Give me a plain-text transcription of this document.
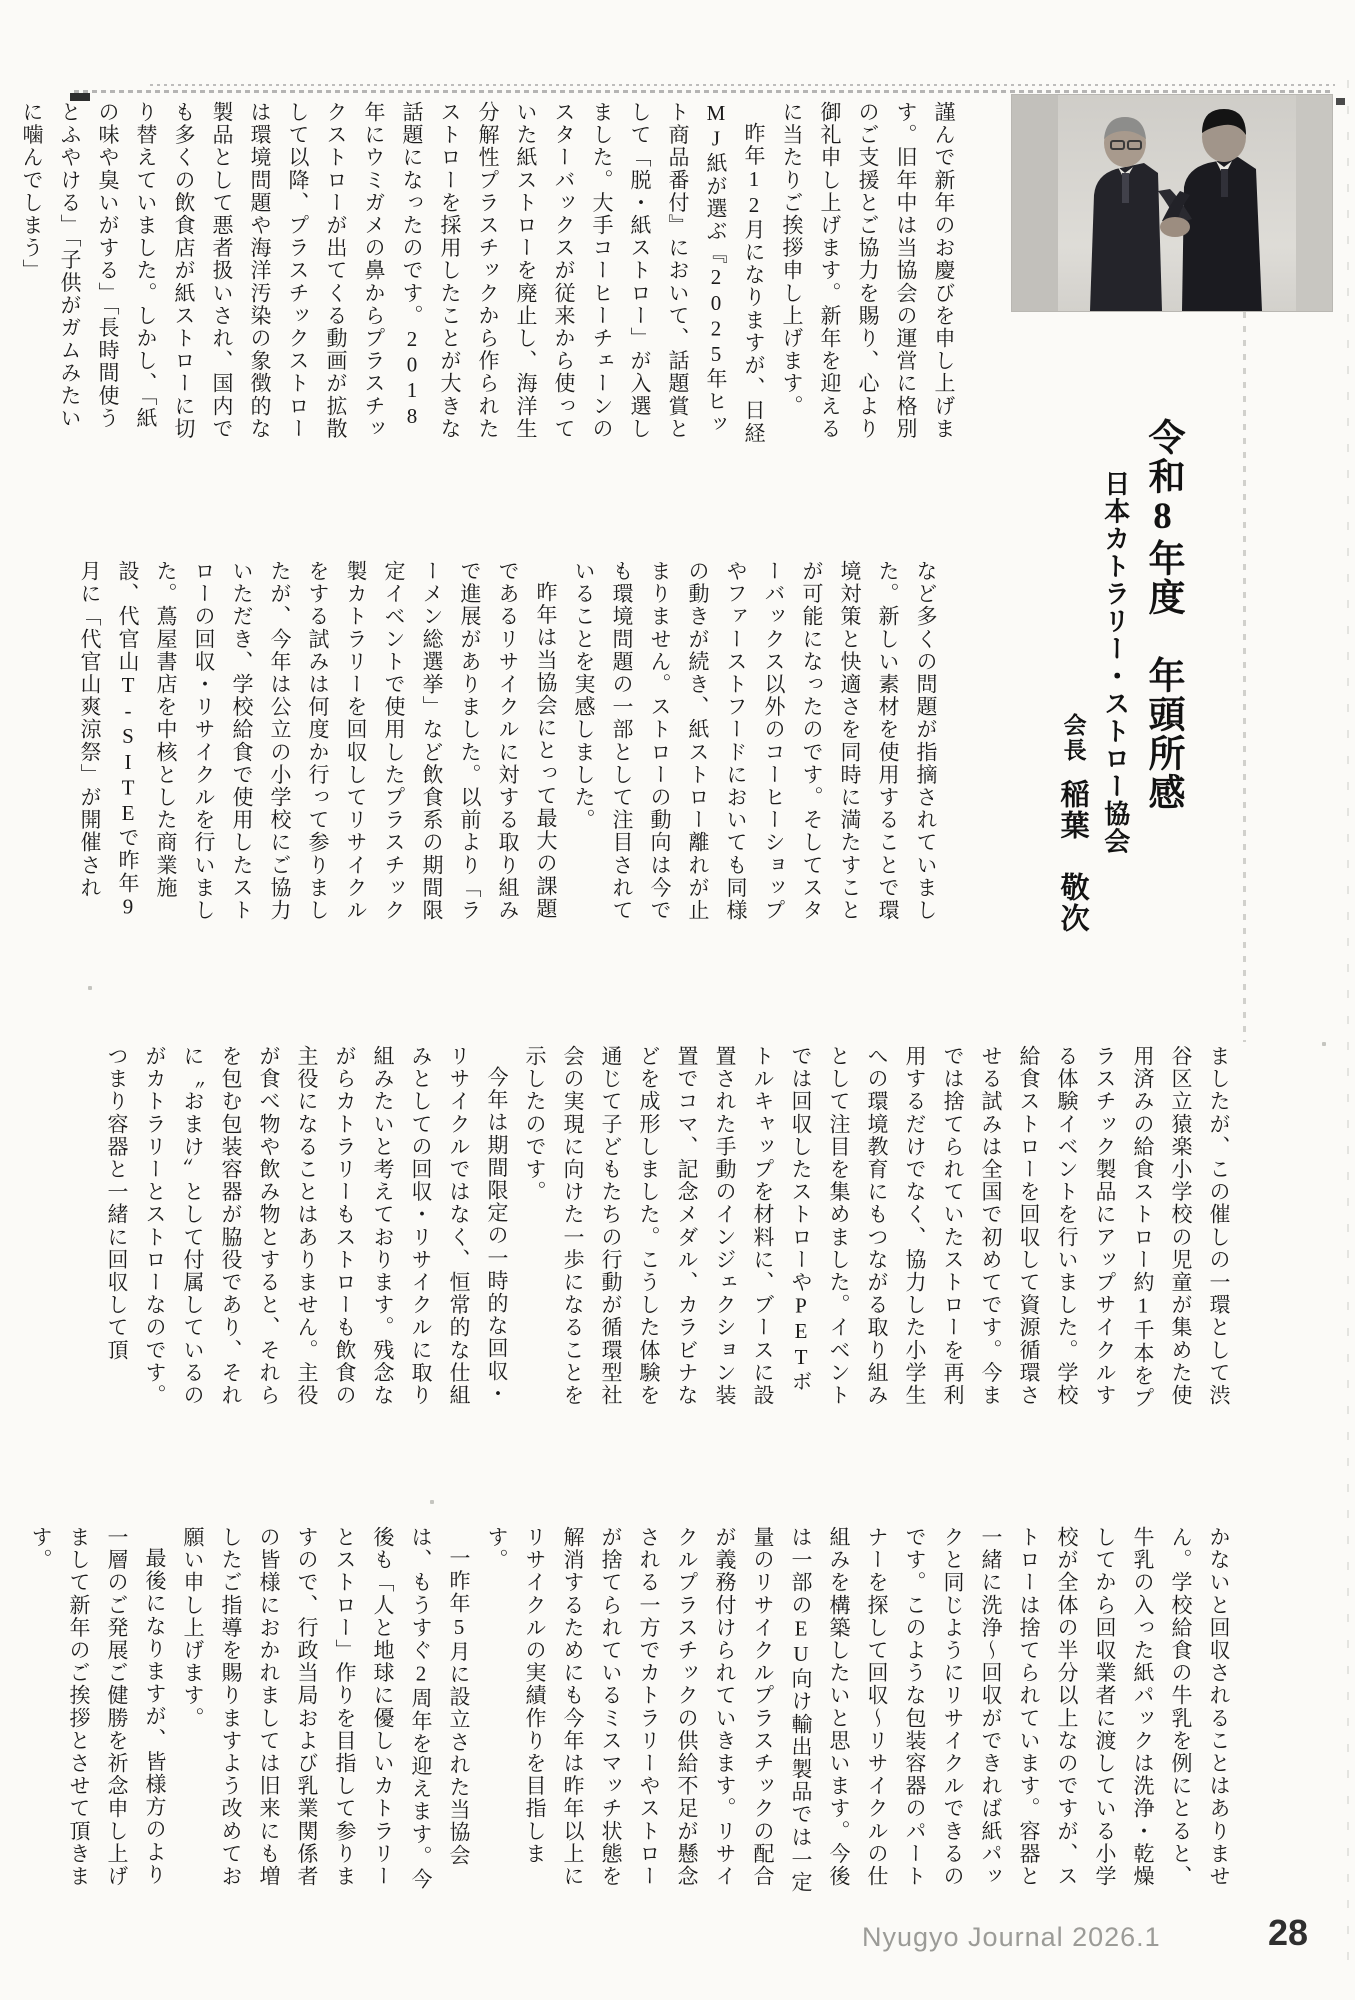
令和8年度　年頭所感
日本カトラリー・ストロー協会
会長　稲葉　敬次

謹んで新年のお慶びを申し上げます。旧年中は当協会の運営に格別のご支援とご協力を賜り、心より御礼申し上げます。新年を迎えるに当たりご挨拶申し上げます。

昨年12月になりますが、日経MJ紙が選ぶ『2025年ヒット商品番付』において、話題賞として「脱・紙ストロー」が入選しました。大手コーヒーチェーンのスターバックスが従来から使っていた紙ストローを廃止し、海洋生分解性プラスチックから作られたストローを採用したことが大きな話題になったのです。2018年にウミガメの鼻からプラスチックストローが出てくる動画が拡散して以降、プラスチックストローは環境問題や海洋汚染の象徴的な製品として悪者扱いされ、国内でも多くの飲食店が紙ストローに切り替えていました。しかし、「紙の味や臭いがする」「長時間使うとふやける」「子供がガムみたいに噛んでしまう」

など多くの問題が指摘されていました。新しい素材を使用することで環境対策と快適さを同時に満たすことが可能になったのです。そしてスターバックス以外のコーヒーショップやファーストフードにおいても同様の動きが続き、紙ストロー離れが止まりません。ストローの動向は今でも環境問題の一部として注目されていることを実感しました。

昨年は当協会にとって最大の課題であるリサイクルに対する取り組みで進展がありました。以前より「ラーメン総選挙」など飲食系の期間限定イベントで使用したプラスチック製カトラリーを回収してリサイクルをする試みは何度か行って参りましたが、今年は公立の小学校にご協力いただき、学校給食で使用したストローの回収・リサイクルを行いました。蔦屋書店を中核とした商業施設、代官山T-SITEで昨年9月に「代官山爽涼祭」が開催され

ましたが、この催しの一環として渋谷区立猿楽小学校の児童が集めた使用済みの給食ストロー約1千本をプラスチック製品にアップサイクルする体験イベントを行いました。学校給食ストローを回収して資源循環させる試みは全国で初めてです。今までは捨てられていたストローを再利用するだけでなく、協力した小学生への環境教育にもつながる取り組みとして注目を集めました。イベントでは回収したストローやPETボトルキャップを材料に、ブースに設置された手動のインジェクション装置でコマ、記念メダル、カラビナなどを成形しました。こうした体験を通じて子どもたちの行動が循環型社会の実現に向けた一歩になることを示したのです。

今年は期間限定の一時的な回収・リサイクルではなく、恒常的な仕組みとしての回収・リサイクルに取り組みたいと考えております。残念ながらカトラリーもストローも飲食の主役になることはありません。主役が食べ物や飲み物とすると、それらを包む包装容器が脇役であり、それに〝おまけ〟として付属しているのがカトラリーとストローなのです。つまり容器と一緒に回収して頂

かないと回収されることはありません。学校給食の牛乳を例にとると、牛乳の入った紙パックは洗浄・乾燥してから回収業者に渡している小学校が全体の半分以上なのですが、ストローは捨てられています。容器と一緒に洗浄〜回収ができれば紙パックと同じようにリサイクルできるのです。このような包装容器のパートナーを探して回収〜リサイクルの仕組みを構築したいと思います。今後は一部のEU向け輸出製品では一定量のリサイクルプラスチックの配合が義務付けられていきます。リサイクルプラスチックの供給不足が懸念される一方でカトラリーやストローが捨てられているミスマッチ状態を解消するためにも今年は昨年以上にリサイクルの実績作りを目指します。

一昨年5月に設立された当協会は、もうすぐ2周年を迎えます。今後も「人と地球に優しいカトラリーとストロー」作りを目指して参りますので、行政当局および乳業関係者の皆様におかれましては旧来にも増したご指導を賜りますよう改めてお願い申し上げます。

最後になりますが、皆様方のより一層のご発展ご健勝を祈念申し上げまして新年のご挨拶とさせて頂きます。

Nyugyo Journal 2026.1	28
